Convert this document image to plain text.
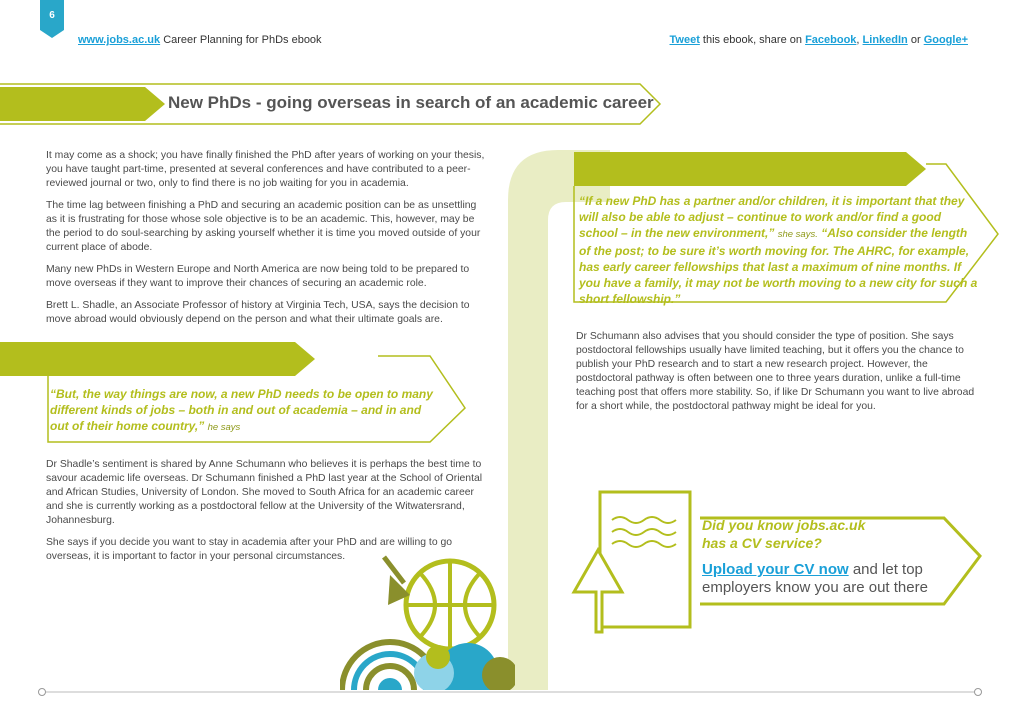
6
www.jobs.ac.uk Career Planning for PhDs ebook	Tweet this ebook, share on Facebook, LinkedIn or Google+
New PhDs - going overseas in search of an academic career

It may come as a shock; you have finally finished the PhD after years of working on your thesis, you have taught part-time, presented at several conferences and have contributed to a peer-reviewed journal or two, only to find there is no job waiting for you in academia.

The time lag between finishing a PhD and securing an academic position can be as unsettling as it is frustrating for those whose sole objective is to be an academic. This, however, may be the period to do soul-searching by asking yourself whether it is time you moved outside of your current place of abode.

Many new PhDs in Western Europe and North America are now being told to be prepared to move overseas if they want to improve their chances of securing an academic role.

Brett L. Shadle, an Associate Professor of history at Virginia Tech, USA, says the decision to move abroad would obviously depend on the person and what their ultimate goals are.

“But, the way things are now, a new PhD needs to be open to many different kinds of jobs – both in and out of academia – and in and out of their home country,” he says

Dr Shadle’s sentiment is shared by Anne Schumann who believes it is perhaps the best time to savour academic life overseas. Dr Schumann finished a PhD last year at the School of Oriental and African Studies, University of London. She moved to South Africa for an academic career and she is currently working as a postdoctoral fellow at the University of the Witwatersrand, Johannesburg.

She says if you decide you want to stay in academia after your PhD and are willing to go overseas, it is important to factor in your personal circumstances.

“If a new PhD has a partner and/or children, it is important that they will also be able to adjust – continue to work and/or find a good school – in the new environment,” she says. “Also consider the length of the post; to be sure it’s worth moving for. The AHRC, for example, has early career fellowships that last a maximum of nine months. If you have a family, it may not be worth moving to a new city for such a short fellowship.”

Dr Schumann also advises that you should consider the type of position. She says postdoctoral fellowships usually have limited teaching, but it offers you the chance to publish your PhD research and to start a new research project. However, the postdoctoral pathway is often between one to three years duration, unlike a full-time teaching post that offers more stability. So, if like Dr Schumann you want to live abroad for a short while, the postdoctoral pathway might be ideal for you.

Did you know jobs.ac.uk
has a CV service?
Upload your CV now and let top employers know you are out there
